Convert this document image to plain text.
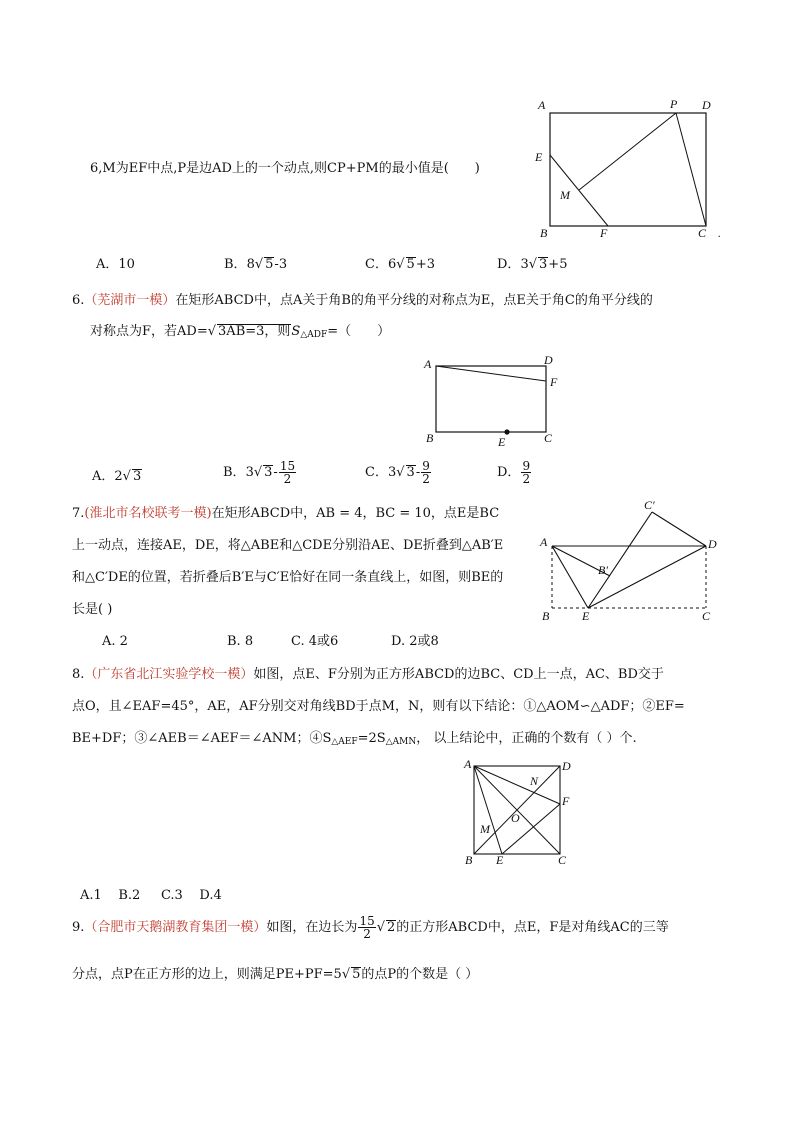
6,M为EF中点,P是边AD上的一个动点,则CP+PM的最小值是(　　)
A	P D
E
M
B	F	C .
A．10	B．8√ 5-3	C．6√ 5+3	D．3√ 3+5
6.（芜湖市一模）在矩形ABCD中，点A关于角B的角平分线的对称点为E，点E关于角C的角平分线的
对称点为F，若AD=√ 3AB=3，则$S_{\triangle ADF}=$（　　）
A	D
F
B	E	C
A．2√ 3	B．3√ $3- \frac{15}{2}$	C．3√ $3- \frac{9}{2}$	D． $\frac{9}{2}$
7.(淮北市名校联考一模)在矩形ABCD中，AB = 4，BC = 10，点E是BC
上一动点，连接AE，DE，将△ABE和△CDE分别沿AE、DE折叠到△AB′E
和△C′DE的位置，若折叠后B′E与C′E恰好在同一条直线上，如图，则BE的
长是( )
C′
A	D
B′
B	E	C
A. 2	B. 8	C. 4或6	D. 2或8
8.（广东省北江实验学校一模）如图，点E、F分别为正方形ABCD的边BC、CD上一点，AC、BD交于
点O，且∠EAF=45°，AE，AF分别交对角线BD于点M，N，则有以下结论：①△AOM∽△ADF；②EF=
BE+DF；③∠AEB＝∠AEF＝∠ANM；$④S_{\triangle AEF}=2S_{\triangle AMN}$， 以上结论中，正确的个数有（ ）个.
A	D
N
F
O
M
B E	C
A.1    B.2     C.3    D.4
9.（合肥市天鹅湖教育集团一模）如图，在边长为 $\frac{15}{2}$ √ 2的正方形ABCD中，点E，F是对角线AC的三等
分点，点P在正方形的边上，则满足PE+PF=5√ 5的点P的个数是（ ）
